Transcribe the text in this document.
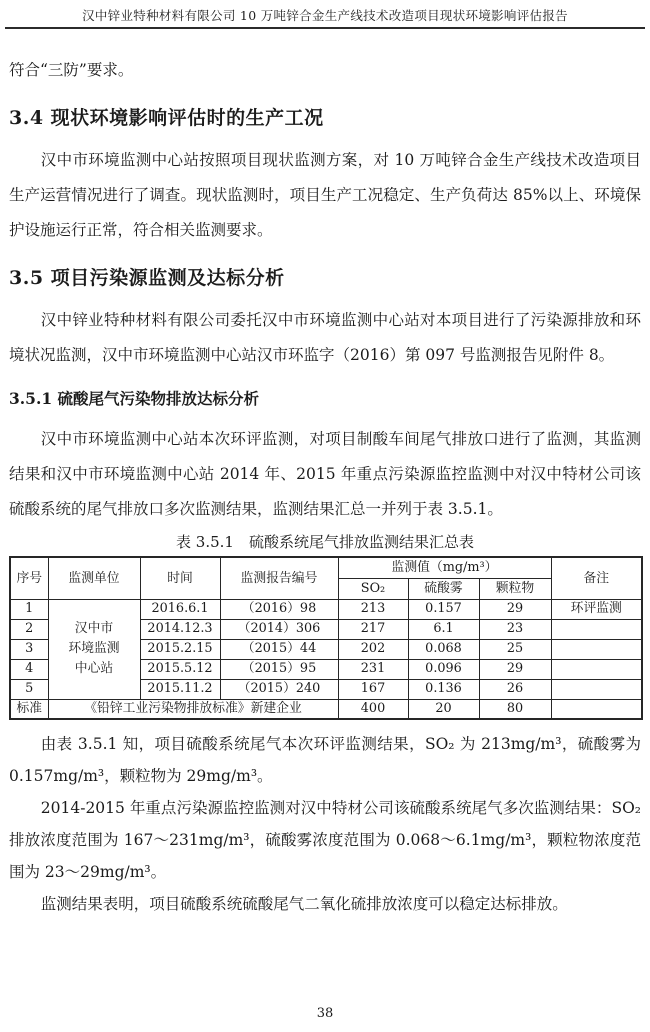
汉中锌业特种材料有限公司 10 万吨锌合金生产线技术改造项目现状环境影响评估报告

符合“三防”要求。

3.4 现状环境影响评估时的生产工况

汉中市环境监测中心站按照项目现状监测方案，对 10 万吨锌合金生产线技术改造项目生产运营情况进行了调查。现状监测时，项目生产工况稳定、生产负荷达 85%以上、环境保护设施运行正常，符合相关监测要求。

3.5 项目污染源监测及达标分析

汉中锌业特种材料有限公司委托汉中市环境监测中心站对本项目进行了污染源排放和环境状况监测，汉中市环境监测中心站汉市环监字（2016）第 097 号监测报告见附件 8。

3.5.1 硫酸尾气污染物排放达标分析

汉中市环境监测中心站本次环评监测，对项目制酸车间尾气排放口进行了监测，其监测结果和汉中市环境监测中心站 2014 年、2015 年重点污染源监控监测中对汉中特材公司该硫酸系统的尾气排放口多次监测结果，监测结果汇总一并列于表 3.5.1。

表 3.5.1　硫酸系统尾气排放监测结果汇总表
序号	监测单位	时间	监测报告编号	监测值（mg/m³）			备注
				SO₂	硫酸雾	颗粒物	
1	汉中市
环境监测
中心站	2016.6.1	（2016）98	213	0.157	29	环评监测
2		2014.12.3	（2014）306	217	6.1	23	
3		2015.2.15	（2015）44	202	0.068	25	
4		2015.5.12	（2015）95	231	0.096	29	
5		2015.11.2	（2015）240	167	0.136	26	
标准	《铅锌工业污染物排放标准》新建企业			400	20	80	

由表 3.5.1 知，项目硫酸系统尾气本次环评监测结果，SO₂ 为 213mg/m³，硫酸雾为 0.157mg/m³，颗粒物为 29mg/m³。

2014-2015 年重点污染源监控监测对汉中特材公司该硫酸系统尾气多次监测结果：SO₂ 排放浓度范围为 167～231mg/m³，硫酸雾浓度范围为 0.068～6.1mg/m³，颗粒物浓度范围为 23～29mg/m³。

监测结果表明，项目硫酸系统硫酸尾气二氧化硫排放浓度可以稳定达标排放。

38
